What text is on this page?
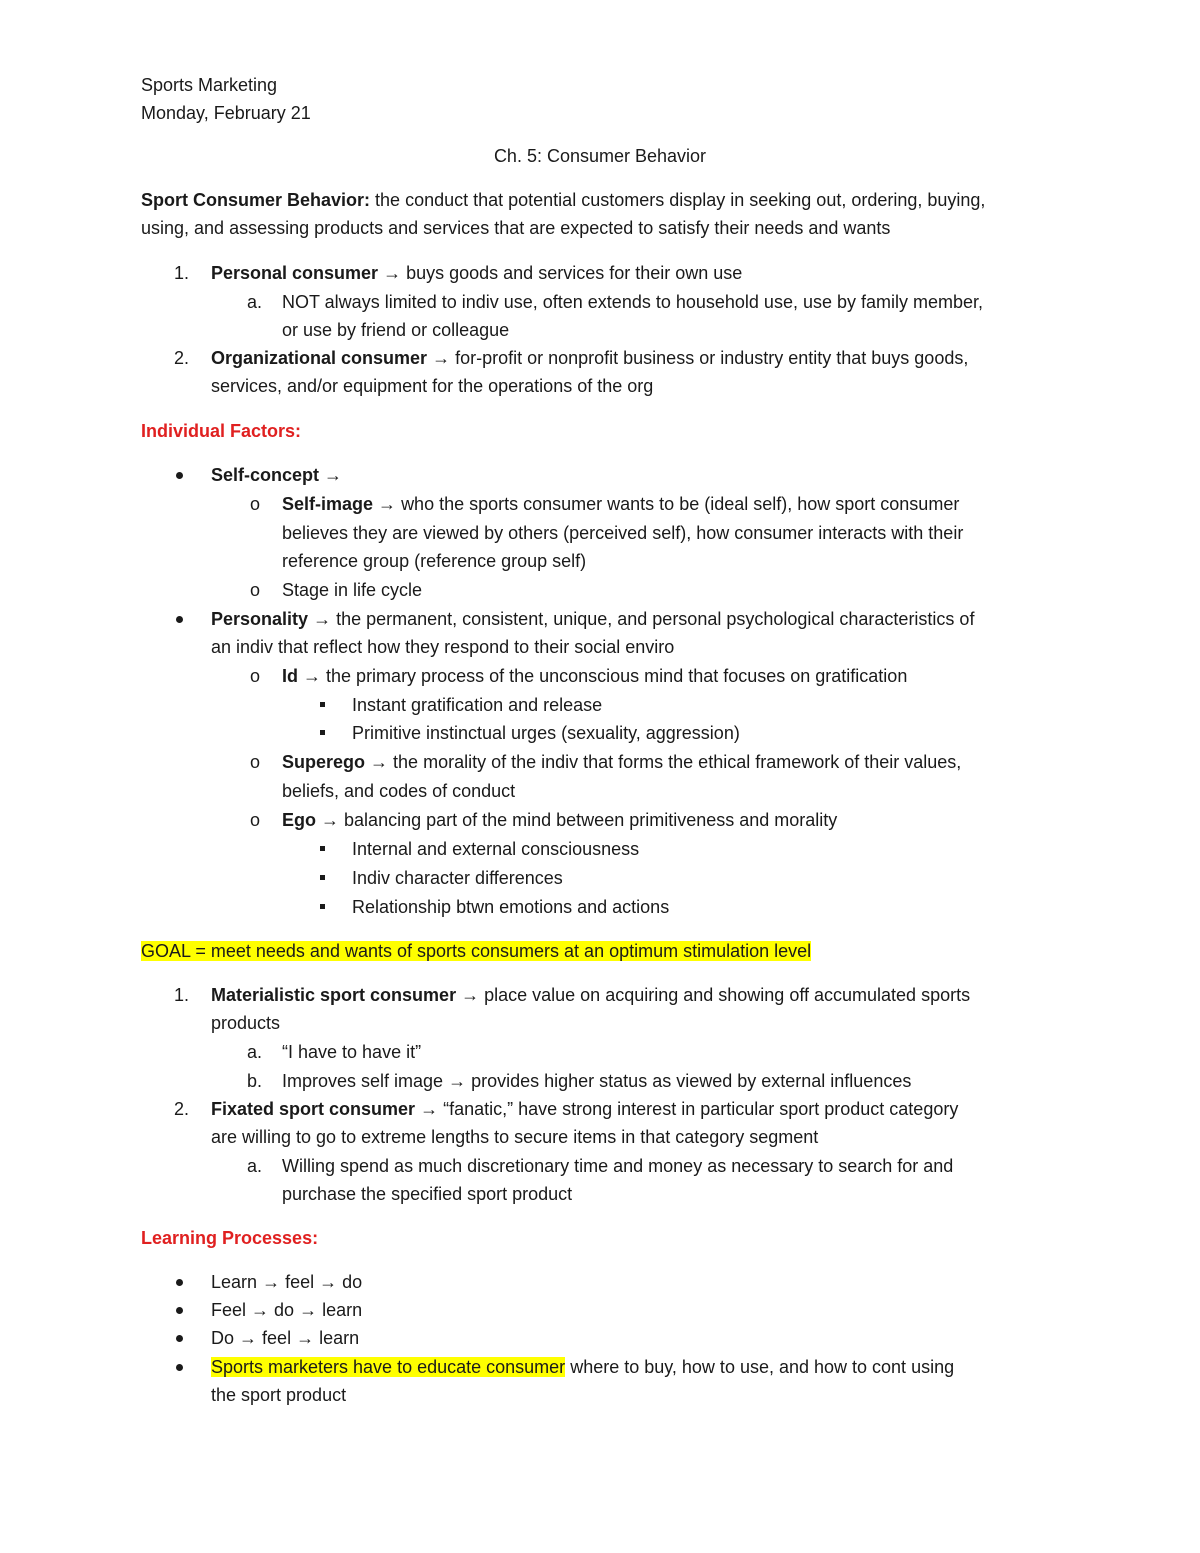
Sports Marketing
Monday, February 21
Ch. 5: Consumer Behavior
Sport Consumer Behavior: the conduct that potential customers display in seeking out, ordering, buying,
using, and assessing products and services that are expected to satisfy their needs and wants
1. Personal consumer → buys goods and services for their own use
a. NOT always limited to indiv use, often extends to household use, use by family member,
or use by friend or colleague
2. Organizational consumer → for-profit or nonprofit business or industry entity that buys goods,
services, and/or equipment for the operations of the org
Individual Factors:
Self-concept →
o Self-image → who the sports consumer wants to be (ideal self), how sport consumer
believes they are viewed by others (perceived self), how consumer interacts with their
reference group (reference group self)
o Stage in life cycle
Personality → the permanent, consistent, unique, and personal psychological characteristics of
an indiv that reflect how they respond to their social enviro
o Id → the primary process of the unconscious mind that focuses on gratification
Instant gratification and release
Primitive instinctual urges (sexuality, aggression)
o Superego → the morality of the indiv that forms the ethical framework of their values,
beliefs, and codes of conduct
o Ego → balancing part of the mind between primitiveness and morality
Internal and external consciousness
Indiv character differences
Relationship btwn emotions and actions
GOAL = meet needs and wants of sports consumers at an optimum stimulation level
1. Materialistic sport consumer → place value on acquiring and showing off accumulated sports
products
a. “I have to have it”
b. Improves self image → provides higher status as viewed by external influences
2. Fixated sport consumer → “fanatic,” have strong interest in particular sport product category
are willing to go to extreme lengths to secure items in that category segment
a. Willing spend as much discretionary time and money as necessary to search for and
purchase the specified sport product
Learning Processes:
Learn → feel → do
Feel → do → learn
Do → feel → learn
Sports marketers have to educate consumer where to buy, how to use, and how to cont using
the sport product
